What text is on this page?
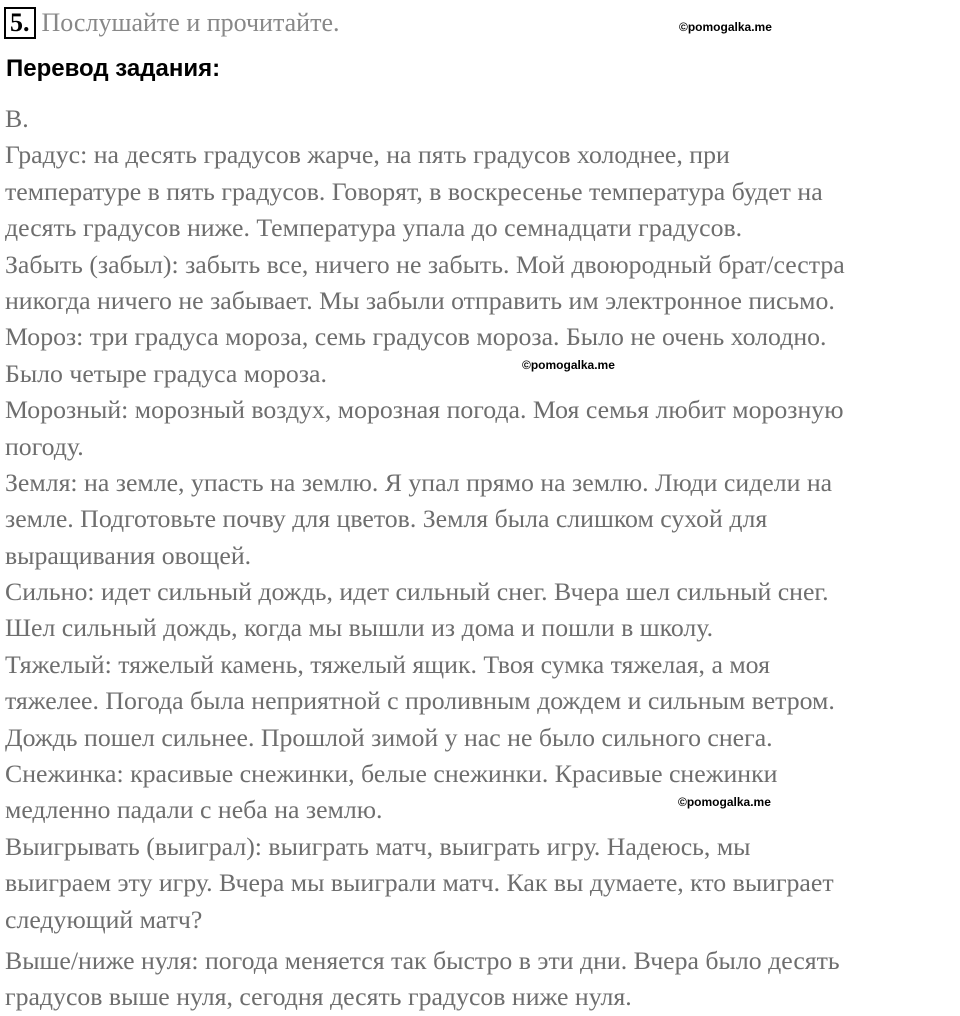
5. Послушайте и прочитайте.	©pomogalka.me
©pomogalka.me
©pomogalka.me
Перевод задания:
В.
Градус: на десять градусов жарче, на пять градусов холоднее, при
температуре в пять градусов. Говорят, в воскресенье температура будет на
десять градусов ниже. Температура упала до семнадцати градусов.
Забыть (забыл): забыть все, ничего не забыть. Мой двоюродный брат/сестра
никогда ничего не забывает. Мы забыли отправить им электронное письмо.
Мороз: три градуса мороза, семь градусов мороза. Было не очень холодно.
Было четыре градуса мороза.
Морозный: морозный воздух, морозная погода. Моя семья любит морозную
погоду.
Земля: на земле, упасть на землю. Я упал прямо на землю. Люди сидели на
земле. Подготовьте почву для цветов. Земля была слишком сухой для
выращивания овощей.
Сильно: идет сильный дождь, идет сильный снег. Вчера шел сильный снег.
Шел сильный дождь, когда мы вышли из дома и пошли в школу.
Тяжелый: тяжелый камень, тяжелый ящик. Твоя сумка тяжелая, а моя
тяжелее. Погода была неприятной с проливным дождем и сильным ветром.
Дождь пошел сильнее. Прошлой зимой у нас не было сильного снега.
Снежинка: красивые снежинки, белые снежинки. Красивые снежинки
медленно падали с неба на землю.
Выигрывать (выиграл): выиграть матч, выиграть игру. Надеюсь, мы
выиграем эту игру. Вчера мы выиграли матч. Как вы думаете, кто выиграет
следующий матч?
Выше/ниже нуля: погода меняется так быстро в эти дни. Вчера было десять
градусов выше нуля, сегодня десять градусов ниже нуля.
